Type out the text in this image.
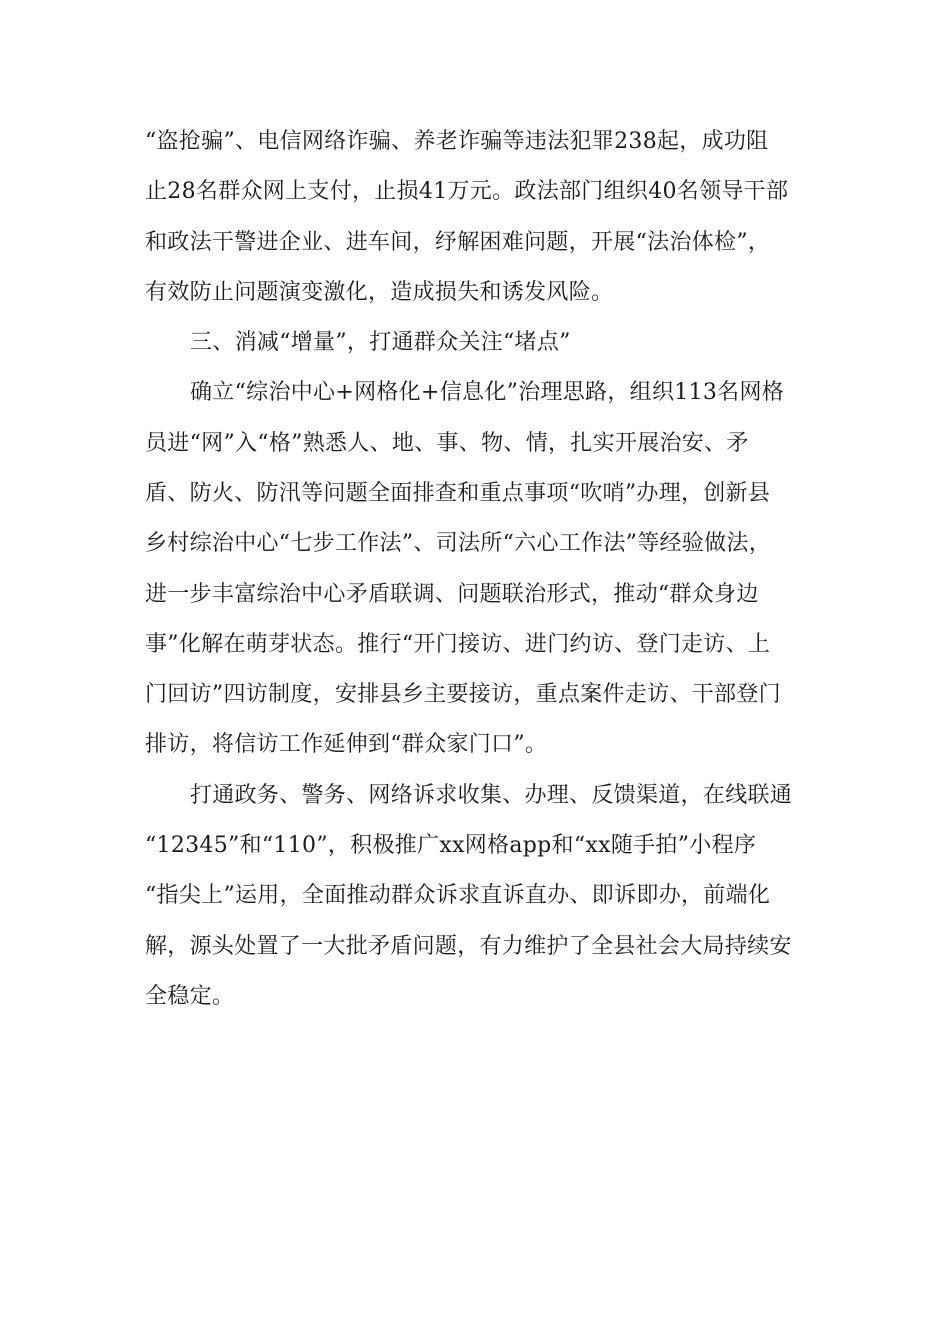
“盗抢骗”、电信网络诈骗、养老诈骗等违法犯罪238起，成功阻
止28名群众网上支付，止损41万元。政法部门组织40名领导干部
和政法干警进企业、进车间，纾解困难问题，开展“法治体检”，
有效防止问题演变激化，造成损失和诱发风险。
三、消减“增量”，打通群众关注“堵点”
确立“综治中心+网格化+信息化”治理思路，组织113名网格
员进“网”入“格”熟悉人、地、事、物、情，扎实开展治安、矛
盾、防火、防汛等问题全面排查和重点事项“吹哨”办理，创新县
乡村综治中心“七步工作法”、司法所“六心工作法”等经验做法，
进一步丰富综治中心矛盾联调、问题联治形式，推动“群众身边
事”化解在萌芽状态。推行“开门接访、进门约访、登门走访、上
门回访”四访制度，安排县乡主要接访，重点案件走访、干部登门
排访，将信访工作延伸到“群众家门口”。
打通政务、警务、网络诉求收集、办理、反馈渠道，在线联通
“12345”和“110”，积极推广xx网格app和“xx随手拍”小程序
“指尖上”运用，全面推动群众诉求直诉直办、即诉即办，前端化
解，源头处置了一大批矛盾问题，有力维护了全县社会大局持续安
全稳定。
